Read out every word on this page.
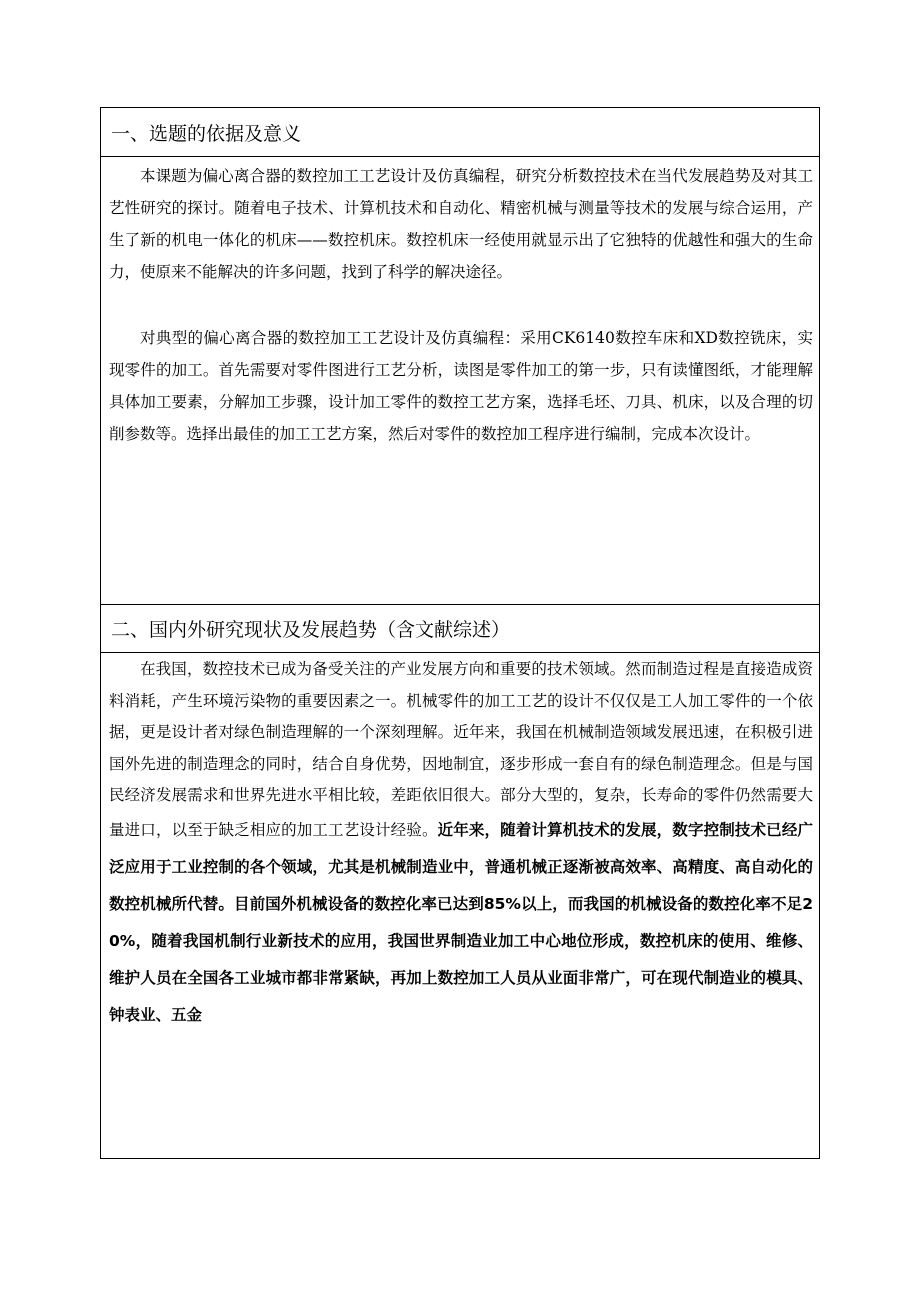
一、选题的依据及意义

本课题为偏心离合器的数控加工工艺设计及仿真编程，研究分析数控技术在当代发展趋势及对其工艺性研究的探讨。随着电子技术、计算机技术和自动化、精密机械与测量等技术的发展与综合运用，产生了新的机电一体化的机床——数控机床。数控机床一经使用就显示出了它独特的优越性和强大的生命力，使原来不能解决的许多问题，找到了科学的解决途径。

对典型的偏心离合器的数控加工工艺设计及仿真编程：采用CK6140数控车床和XD数控铣床，实现零件的加工。首先需要对零件图进行工艺分析，读图是零件加工的第一步，只有读懂图纸，才能理解具体加工要素，分解加工步骤，设计加工零件的数控工艺方案，选择毛坯、刀具、机床，以及合理的切削参数等。选择出最佳的加工工艺方案，然后对零件的数控加工程序进行编制，完成本次设计。

二、国内外研究现状及发展趋势（含文献综述）

在我国，数控技术已成为备受关注的产业发展方向和重要的技术领域。然而制造过程是直接造成资料消耗，产生环境污染物的重要因素之一。机械零件的加工工艺的设计不仅仅是工人加工零件的一个依据，更是设计者对绿色制造理解的一个深刻理解。近年来，我国在机械制造领域发展迅速，在积极引进国外先进的制造理念的同时，结合自身优势，因地制宜，逐步形成一套自有的绿色制造理念。但是与国民经济发展需求和世界先进水平相比较，差距依旧很大。部分大型的，复杂，长寿命的零件仍然需要大量进口，以至于缺乏相应的加工工艺设计经验。近年来，随着计算机技术的发展，数字控制技术已经广泛应用于工业控制的各个领域，尤其是机械制造业中，普通机械正逐渐被高效率、高精度、高自动化的数控机械所代替。目前国外机械设备的数控化率已达到85%以上，而我国的机械设备的数控化率不足20%，随着我国机制行业新技术的应用，我国世界制造业加工中心地位形成，数控机床的使用、维修、维护人员在全国各工业城市都非常紧缺，再加上数控加工人员从业面非常广，可在现代制造业的模具、钟表业、五金
